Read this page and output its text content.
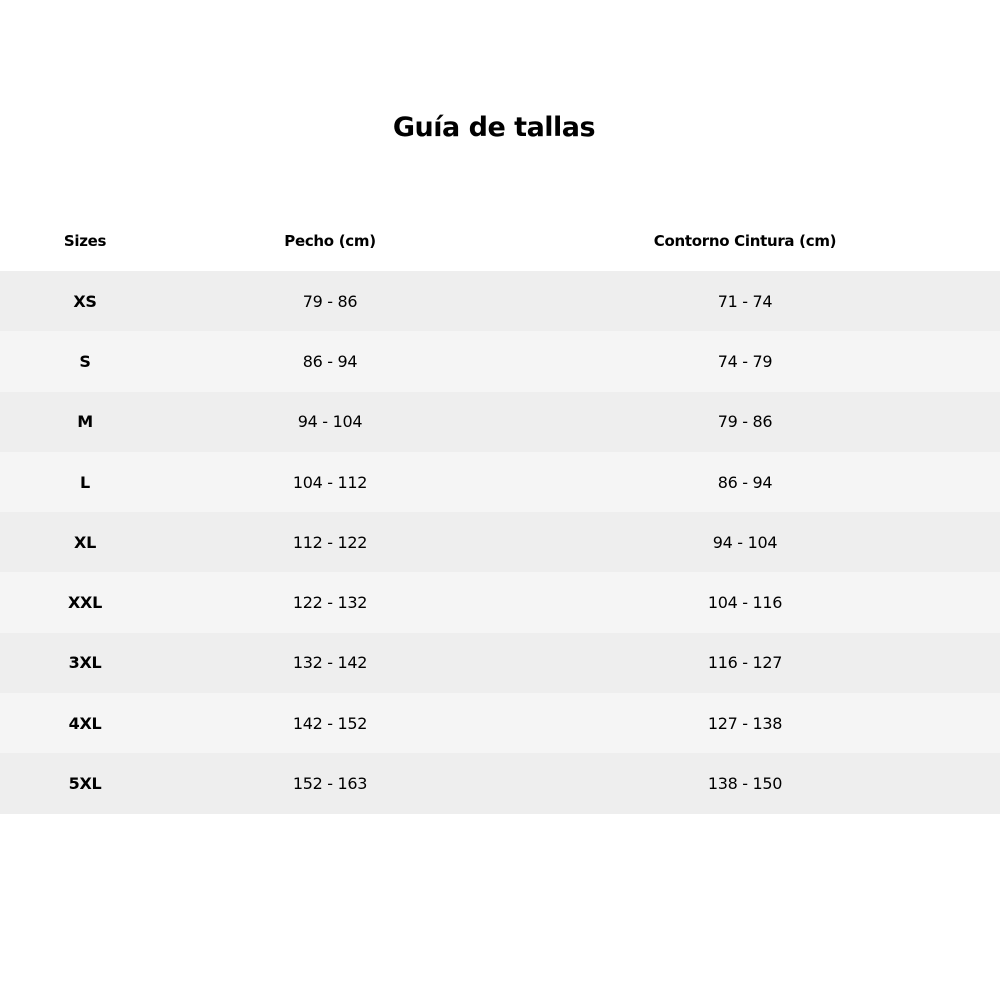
Guía de tallas
Sizes	Pecho (cm)	Contorno Cintura (cm)
XS	79 - 86	71 - 74
S	86 - 94	74 - 79
M	94 - 104	79 - 86
L	104 - 112	86 - 94
XL	112 - 122	94 - 104
XXL	122 - 132	104 - 116
3XL	132 - 142	116 - 127
4XL	142 - 152	127 - 138
5XL	152 - 163	138 - 150
